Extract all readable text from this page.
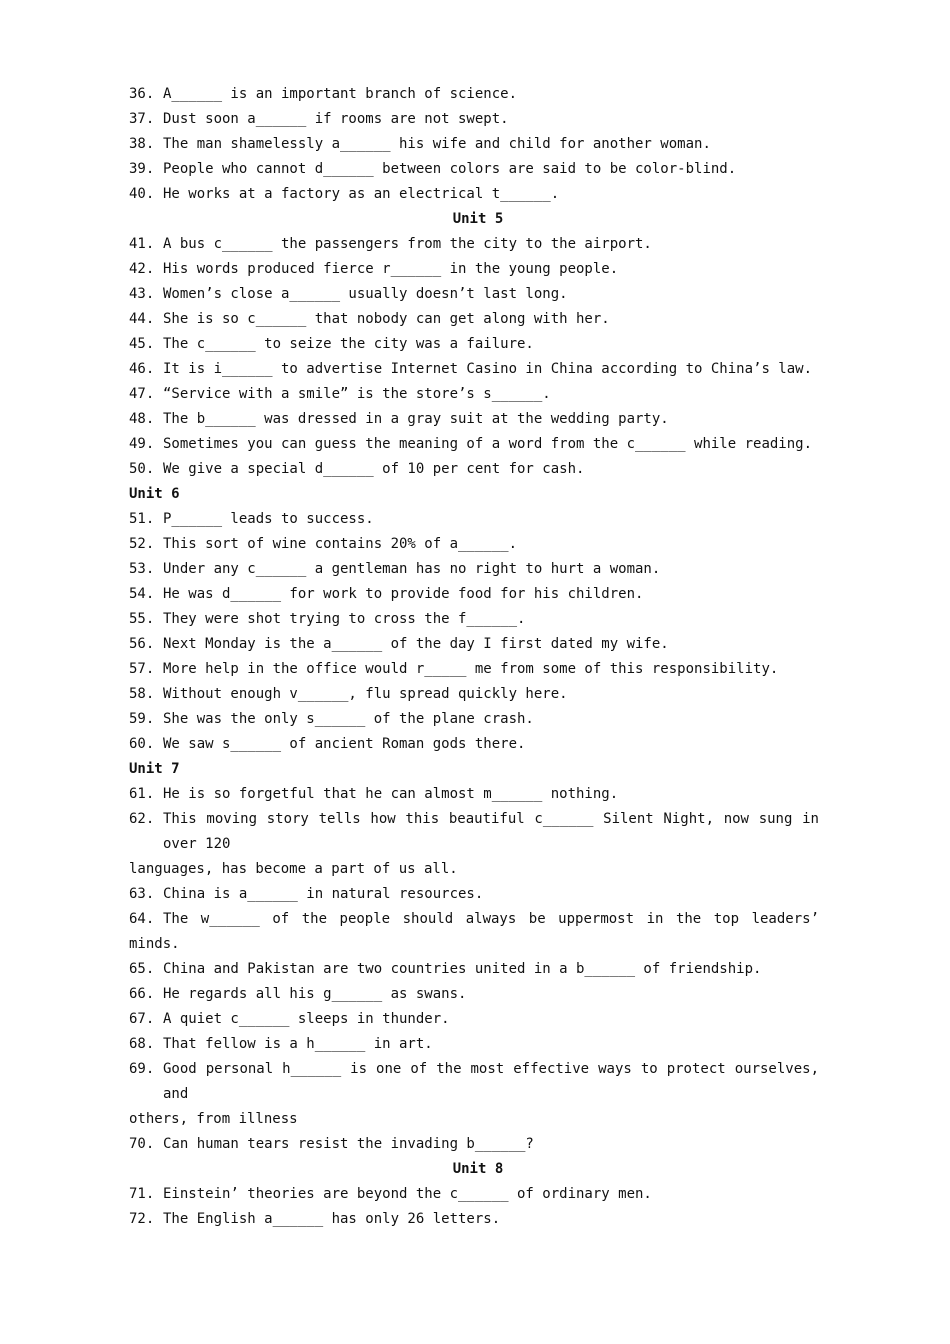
36. A______ is an important branch of science.
37. Dust soon a______ if rooms are not swept.
38. The man shamelessly a______ his wife and child for another woman.
39. People who cannot d______ between colors are said to be color-blind.
40. He works at a factory as an electrical t______.
Unit 5
41. A bus c______ the passengers from the city to the airport.
42. His words produced fierce r______ in the young people.
43. Women’s close a______ usually doesn’t last long.
44. She is so c______ that nobody can get along with her.
45. The c______ to seize the city was a failure.
46. It is i______ to advertise Internet Casino in China according to China’s law.
47. “Service with a smile” is the store’s s______.
48. The b______ was dressed in a gray suit at the wedding party.
49. Sometimes you can guess the meaning of a word from the c______ while reading.
50. We give a special d______ of 10 per cent for cash.
Unit 6
51. P______ leads to success.
52. This sort of wine contains 20% of a______.
53. Under any c______ a gentleman has no right to hurt a woman.
54. He was d______ for work to provide food for his children.
55. They were shot trying to cross the f______.
56. Next Monday is the a______ of the day I first dated my wife.
57. More help in the office would r_____ me from some of this responsibility.
58. Without enough v______, flu spread quickly here.
59. She was the only s______ of the plane crash.
60. We saw s______ of ancient Roman gods there.
Unit 7
61. He is so forgetful that he can almost m______ nothing.
62. This moving story tells how this beautiful c______ Silent Night, now sung in
over 120
languages, has become a part of us all.
63. China is a______ in natural resources.
64. The w______ of the people should always be uppermost in the top leaders’
minds.
65. China and Pakistan are two countries united in a b______ of friendship.
66. He regards all his g______ as swans.
67. A quiet c______ sleeps in thunder.
68. That fellow is a h______ in art.
69. Good personal h______ is one of the most effective ways to protect ourselves,
and
others, from illness
70. Can human tears resist the invading b______?
Unit 8
71. Einstein’ theories are beyond the c______ of ordinary men.
72. The English a______ has only 26 letters.
